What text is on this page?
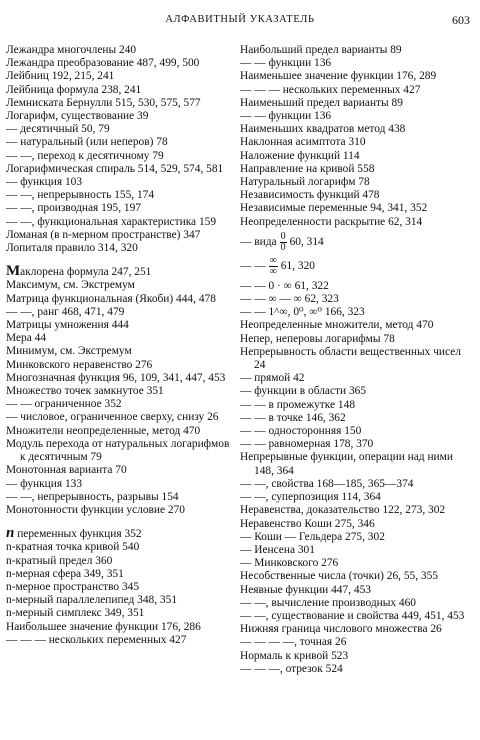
АЛФАВИТНЫЙ УКАЗАТЕЛЬ	603
Лежандра многочлены 240
Лежандра преобразование 487, 499, 500
Лейбниц 192, 215, 241
Лейбница формула 238, 241
Лемниската Бернулли 515, 530, 575, 577
Логарифм, существование 39
— десятичный 50, 79
— натуральный (или неперов) 78
— —, переход к десятичному 79
Логарифмическая спираль 514, 529, 574, 581
— функция 103
— —, непрерывность 155, 174
— —, производная 195, 197
— —, функциональная характеристика 159
Ломаная (в n-мерном пространстве) 347
Лопиталя правило 314, 320
Маклорена формула 247, 251
Максимум, см. Экстремум
Матрица функциональная (Якоби) 444, 478
— —, ранг 468, 471, 479
Матрицы умножения 444
Мера 44
Минимум, см. Экстремум
Минковского неравенство 276
Многозначная функция 96, 109, 341, 447, 453
Множество точек замкнутое 351
— — ограниченное 352
— числовое, ограниченное сверху, снизу 26
Множители неопределенные, метод 470
Модуль перехода от натуральных логарифмов к десятичным 79
Монотонная варианта 70
— функция 133
— —, непрерывность, разрывы 154
Монотонности функции условие 270
n переменных функция 352
n-кратная точка кривой 540
n-кратный предел 360
n-мерная сфера 349, 351
n-мерное пространство 345
n-мерный параллелепипед 348, 351
n-мерный симплекс 349, 351
Наибольшее значение функции 176, 286
— — — нескольких переменных 427
Наибольший предел варианты 89
— — функции 136
Наименьшее значение функции 176, 289
— — — нескольких переменных 427
Наименьший предел варианты 89
— — функции 136
Наименьших квадратов метод 438
Наклонная асимптота 310
Наложение функций 114
Направление на кривой 558
Натуральный логарифм 78
Независимость функций 478
Независимые переменные 94, 341, 352
Неопределенности раскрытие 62, 314
— вида $\frac{0}{0} 60$, 314
— — $\frac{\infty}{\infty} 61$, 320
— — 0 · ∞ 61, 322
— — ∞ — ∞ 62, 323
— — 1^∞, 0⁰, ∞⁰ 166, 323
Неопределенные множители, метод 470
Непер, неперовы логарифмы 78
Непрерывность области вещественных чисел 24
— прямой 42
— функции в области 365
— — в промежутке 148
— — в точке 146, 362
— — односторонняя 150
— — равномерная 178, 370
Непрерывные функции, операции над ними 148, 364
— —, свойства 168—185, 365—374
— —, суперпозиция 114, 364
Неравенства, доказательство 122, 273, 302
Неравенство Коши 275, 346
— Коши — Гельдера 275, 302
— Иенсена 301
— Минковского 276
Несобственные числа (точки) 26, 55, 355
Неявные функции 447, 453
— —, вычисление производных 460
— —, существование и свойства 449, 451, 453
Нижняя граница числового множества 26
— — — —, точная 26
Нормаль к кривой 523
— — —, отрезок 524
